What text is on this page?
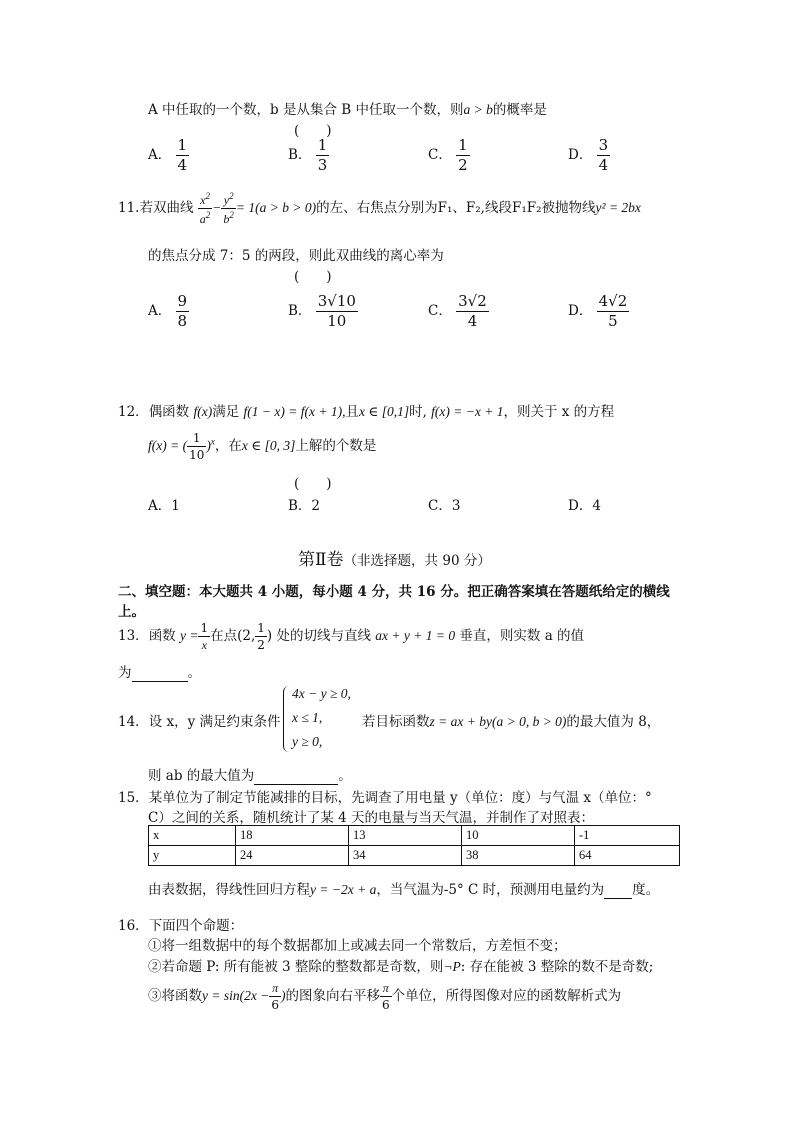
A 中任取的一个数，b 是从集合 B 中任取一个数，则a > b的概率是
(　　)
A． $\frac{1}{4}$	B． $\frac{1}{3}$	C． $\frac{1}{2}$	D． $\frac{3}{4}$
11.若双曲线 $\frac{x^2}{a^2} - \frac{y^2}{b^2} = 1(a > b > 0)$的左、右焦点分别为F₁、F₂,线段F₁F₂被抛物线y² = 2bx
的焦点分成 7：5 的两段，则此双曲线的离心率为
(　　)
A． $\frac{9}{8}$	B． $\frac{3√10}{10}$	C． $\frac{3√2}{4}$	D． $\frac{4√2}{5}$
12．偶函数 f(x)满足 f(1 − x) = f(x + 1),且x ∈ [0,1]时, f(x) = −x + 1，则关于 x 的方程
f(x) = ( $\frac{1}{10} )^x$，在x ∈ [0, 3]上解的个数是
(　　)
A．1	B．2	C．3	D．4
第Ⅱ卷（非选择题，共 90 分）
二、填空题：本大题共 4 小题，每小题 4 分，共 16 分。把正确答案填在答题纸给定的横线
上。
13．函数 $y = \frac{1}{x}$ 在点(2, $\frac{1}{2}$ ) 处的切线与直线 ax + y + 1 = 0 垂直，则实数 a 的值
为	。
14．设 x，y 满足约束条件
4x − y ≥ 0,
x ≤ 1,
y ≥ 0,
若目标函数z = ax + by(a > 0, b > 0)的最大值为 8，
则 ab 的最大值为	。
15．某单位为了制定节能减排的目标，先调查了用电量 y（单位：度）与气温 x（单位：°
C）之间的关系，随机统计了某 4 天的电量与当天气温，并制作了对照表：
x	18	13	10	-1
y	24	34	38	64
由表数据，得线性回归方程y = −2x + a，当气温为-5° C 时，预测用电量约为 度。
16．下面四个命题：
①将一组数据中的每个数据都加上或减去同一个常数后，方差恒不变；
②若命题 P: 所有能被 3 整除的整数都是奇数，则¬P: 存在能被 3 整除的数不是奇数;
③将函数$y = \sin(2x - \frac{\pi}{6}$ )的图象向右平移 $\frac{\pi}{6}$ 个单位，所得图像对应的函数解析式为
